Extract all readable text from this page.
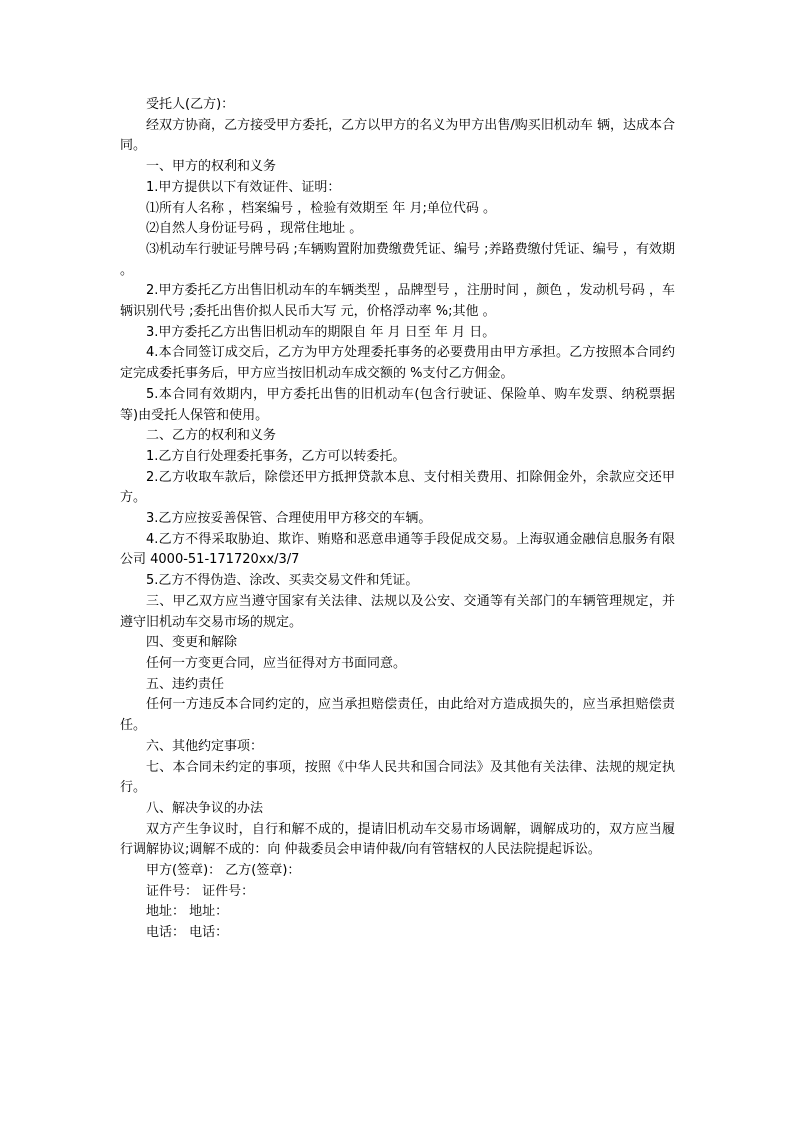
受托人(乙方)：

经双方协商，乙方接受甲方委托，乙方以甲方的名义为甲方出售/购买旧机动车 辆，达成本合同。

一、甲方的权利和义务

1.甲方提供以下有效证件、证明：

⑴所有人名称 ，档案编号 ，检验有效期至 年 月;单位代码 。

⑵自然人身份证号码 ，现常住地址 。

⑶机动车行驶证号牌号码 ;车辆购置附加费缴费凭证、编号 ;养路费缴付凭证、编号 ，有效期 。

2.甲方委托乙方出售旧机动车的车辆类型 ，品牌型号 ，注册时间 ，颜色 ，发动机号码 ，车辆识别代号 ;委托出售价拟人民币大写 元，价格浮动率 %;其他 。

3.甲方委托乙方出售旧机动车的期限自 年 月 日至 年 月 日。

4.本合同签订成交后，乙方为甲方处理委托事务的必要费用由甲方承担。乙方按照本合同约定完成委托事务后，甲方应当按旧机动车成交额的 %支付乙方佣金。

5.本合同有效期内，甲方委托出售的旧机动车(包含行驶证、保险单、购车发票、纳税票据等)由受托人保管和使用。

二、乙方的权利和义务

1.乙方自行处理委托事务，乙方可以转委托。

2.乙方收取车款后，除偿还甲方抵押贷款本息、支付相关费用、扣除佣金外，余款应交还甲方。

3.乙方应按妥善保管、合理使用甲方移交的车辆。

4.乙方不得采取胁迫、欺诈、贿赂和恶意串通等手段促成交易。上海驭通金融信息服务有限公司 4000-51-171720xx/3/7

5.乙方不得伪造、涂改、买卖交易文件和凭证。

三、甲乙双方应当遵守国家有关法律、法规以及公安、交通等有关部门的车辆管理规定，并遵守旧机动车交易市场的规定。

四、变更和解除

任何一方变更合同，应当征得对方书面同意。

五、违约责任

任何一方违反本合同约定的，应当承担赔偿责任，由此给对方造成损失的，应当承担赔偿责任。

六、其他约定事项：

七、本合同未约定的事项，按照《中华人民共和国合同法》及其他有关法律、法规的规定执行。

八、解决争议的办法

双方产生争议时，自行和解不成的，提请旧机动车交易市场调解，调解成功的，双方应当履行调解协议;调解不成的：向 仲裁委员会申请仲裁/向有管辖权的人民法院提起诉讼。

甲方(签章)： 乙方(签章)：

证件号： 证件号：

地址： 地址：

电话： 电话：
